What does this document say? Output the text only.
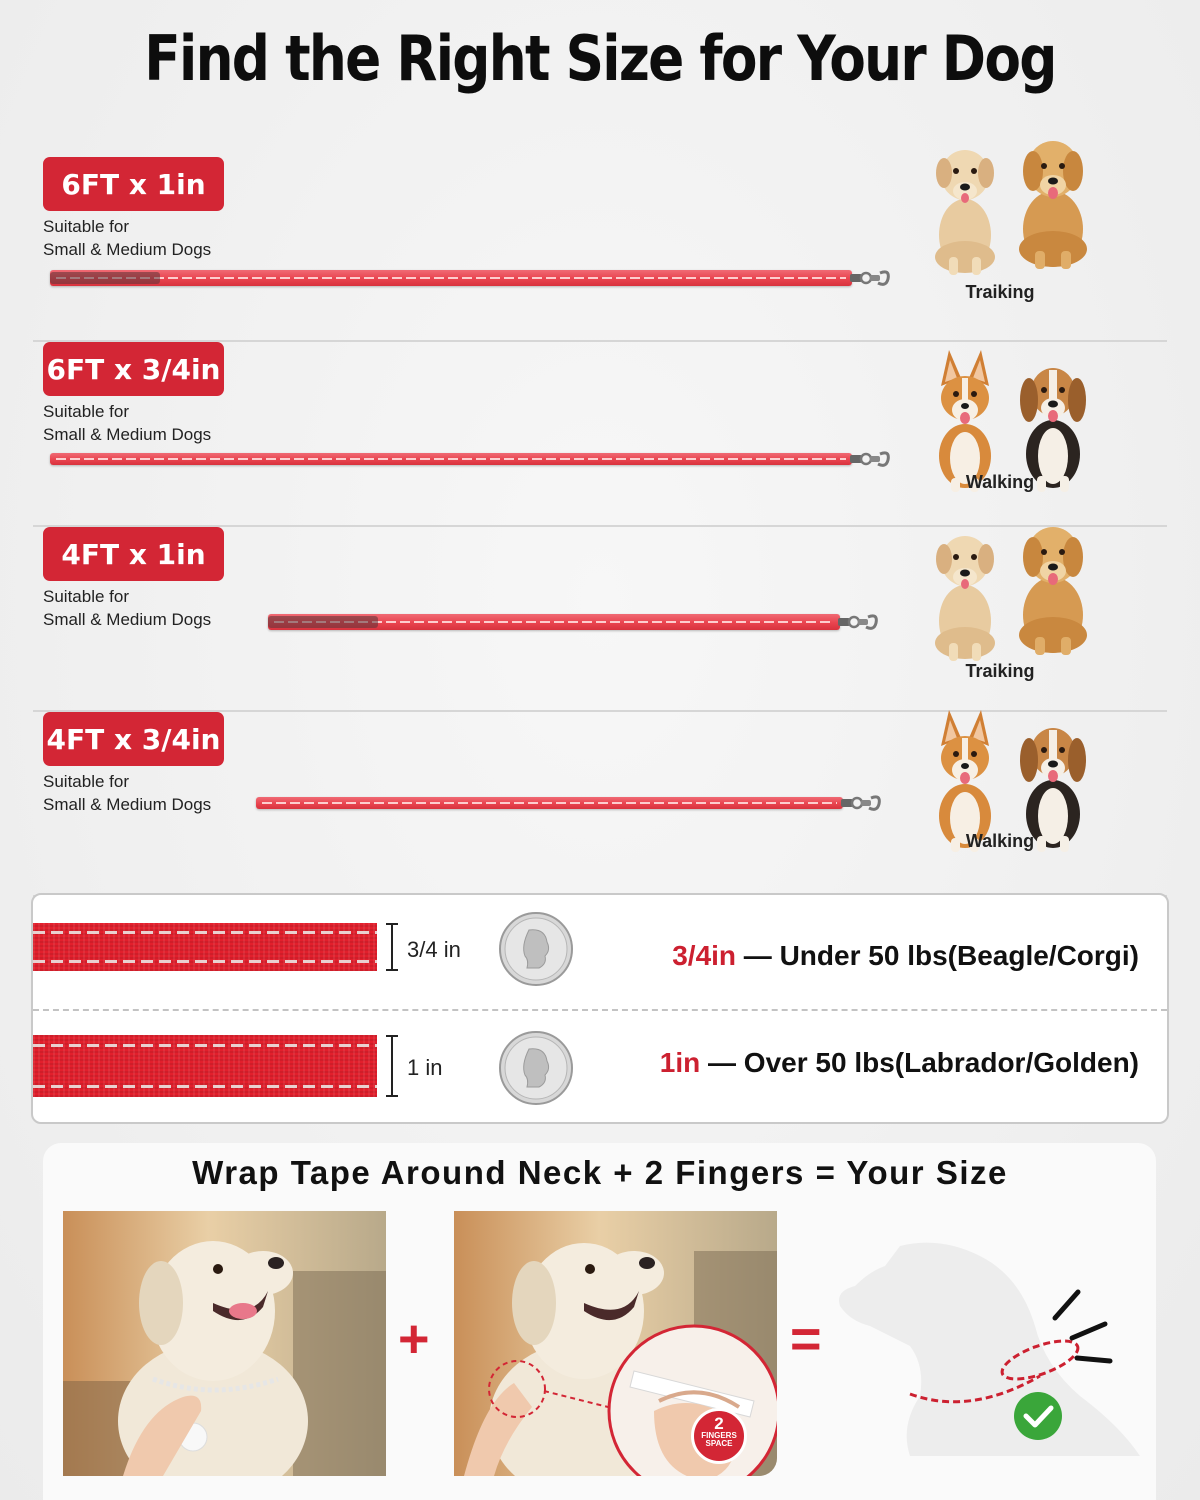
Find the Right Size for Your Dog
6FT x 1in
Suitable for
Small & Medium Dogs
Traiking
6FT x 3/4in
Suitable for
Small & Medium Dogs
Walking
4FT x 1in
Suitable for
Small & Medium Dogs
Traiking
4FT x 3/4in
Suitable for
Small & Medium Dogs
Walking
3/4 in	3/4in — Under 50 lbs(Beagle/Corgi)
1 in	1in — Over 50 lbs(Labrador/Golden)
Wrap Tape Around Neck + 2 Fingers = Your Size
+
2
FINGERS
SPACE
=
